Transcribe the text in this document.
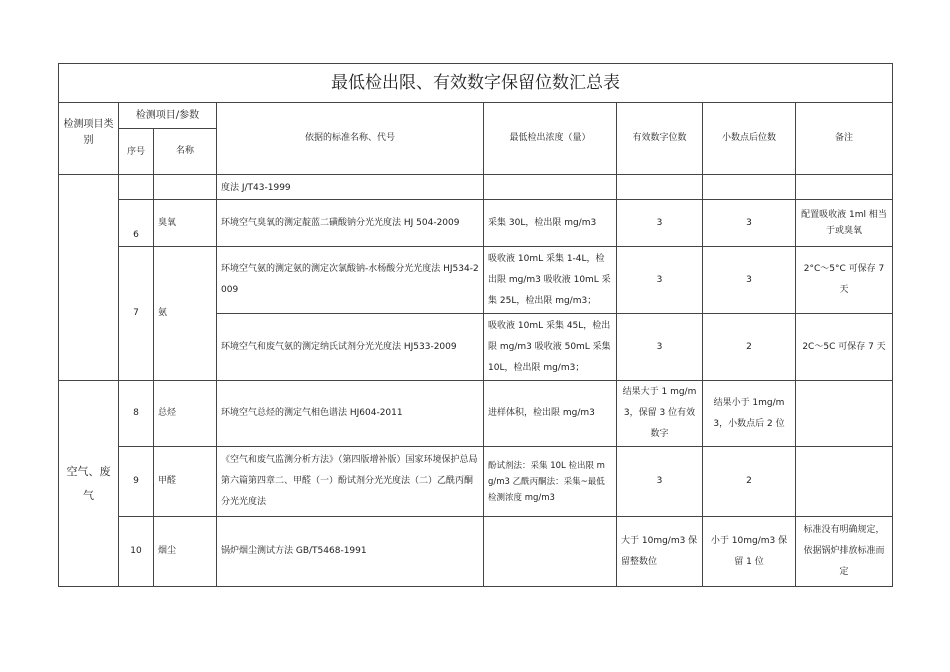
最低检出限、有效数字保留位数汇总表							
检测项目类别	检测项目/参数		依据的标准名称、代号	最低检出浓度（量）	有效数字位数	小数点后位数	备注
	序号	名称					
			度法 J/T43-1999				
	6	臭氧	环境空气臭氧的测定靛蓝二磺酸钠分光光度法 HJ 504-2009	采集 30L，检出限 mg/m3	3	3	配置吸收液 1ml 相当
于或臭氧

	7	氨	环境空气氨的测定氨的测定次氯酸钠-水杨酸分光光度法 HJ534-2009	吸收液 10mL 采集 1-4L，检出限 mg/m3 吸收液 10mL 采集 25L，检出限 mg/m3；	3	3	2°C～5°C 可保存 7 天
			环境空气和废气氨的测定纳氏试剂分光光度法 HJ533-2009	吸收液 10mL 采集 45L，检出限 mg/m3 吸收液 50mL 采集 10L，检出限 mg/m3；	3	2	2C～5C 可保存 7 天
空气、废气	8	总烃	环境空气总烃的测定气相色谱法 HJ604-2011	进样体积，检出限 mg/m3	结果大于 1 mg/m3，保留 3 位有效数字	结果小于 1mg/m3，小数点后 2 位	
	9	甲醛	《空气和废气监测分析方法》（第四版增补版）国家环境保护总局第六篇第四章二、甲醛（一）酚试剂分光光度法（二）乙酰丙酮分光光度法	酚试剂法：采集 10L 检出限 mg/m3 乙酰丙酮法：采集~最低检测浓度 mg/m3	3	2	
	10	烟尘	锅炉烟尘测试方法 GB/T5468-1991		大于 10mg/m3 保留整数位	小于 10mg/m3 保留 1 位	标准没有明确规定，依据锅炉排放标准而定
